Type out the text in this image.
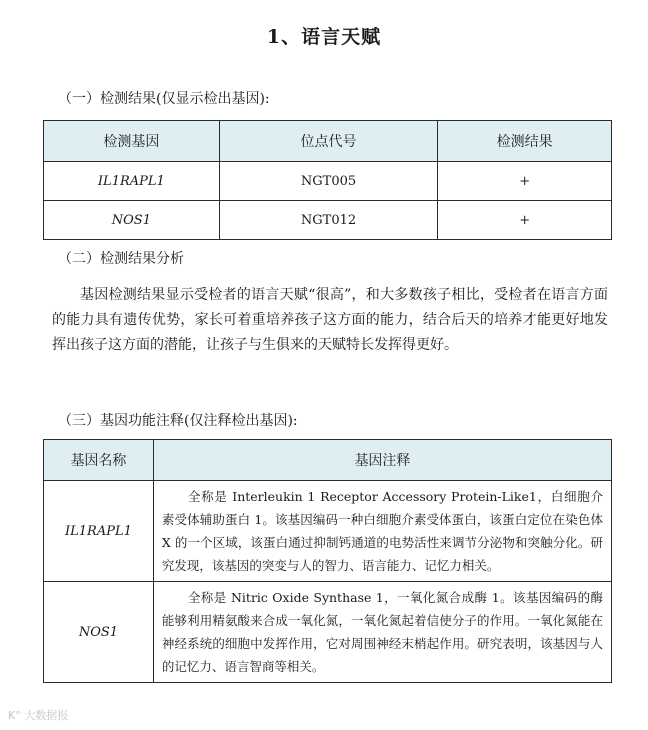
1、语言天赋
（一）检测结果(仅显示检出基因):
检测基因	位点代号	检测结果
IL1RAPL1	NGT005	+
NOS1	NGT012	+
（二）检测结果分析

基因检测结果显示受检者的语言天赋“很高”，和大多数孩子相比，受检者在语言方面的能力具有遗传优势，家长可着重培养孩子这方面的能力，结合后天的培养才能更好地发挥出孩子这方面的潜能，让孩子与生俱来的天赋特长发挥得更好。

（三）基因功能注释(仅注释检出基因):
基因名称	基因注释
IL1RAPL1	全称是 Interleukin 1 Receptor Accessory Protein-Like1，白细胞介素受体辅助蛋白 1。该基因编码一种白细胞介素受体蛋白，该蛋白定位在染色体 X 的一个区域，该蛋白通过抑制钙通道的电势活性来调节分泌物和突触分化。研究发现，该基因的突变与人的智力、语言能力、记忆力相关。
NOS1	全称是 Nitric Oxide Synthase 1，一氧化氮合成酶 1。该基因编码的酶能够利用精氨酸来合成一氧化氮，一氧化氮起着信使分子的作用。一氧化氮能在神经系统的细胞中发挥作用，它对周围神经末梢起作用。研究表明，该基因与人的记忆力、语言智商等相关。
K° 大数据报
